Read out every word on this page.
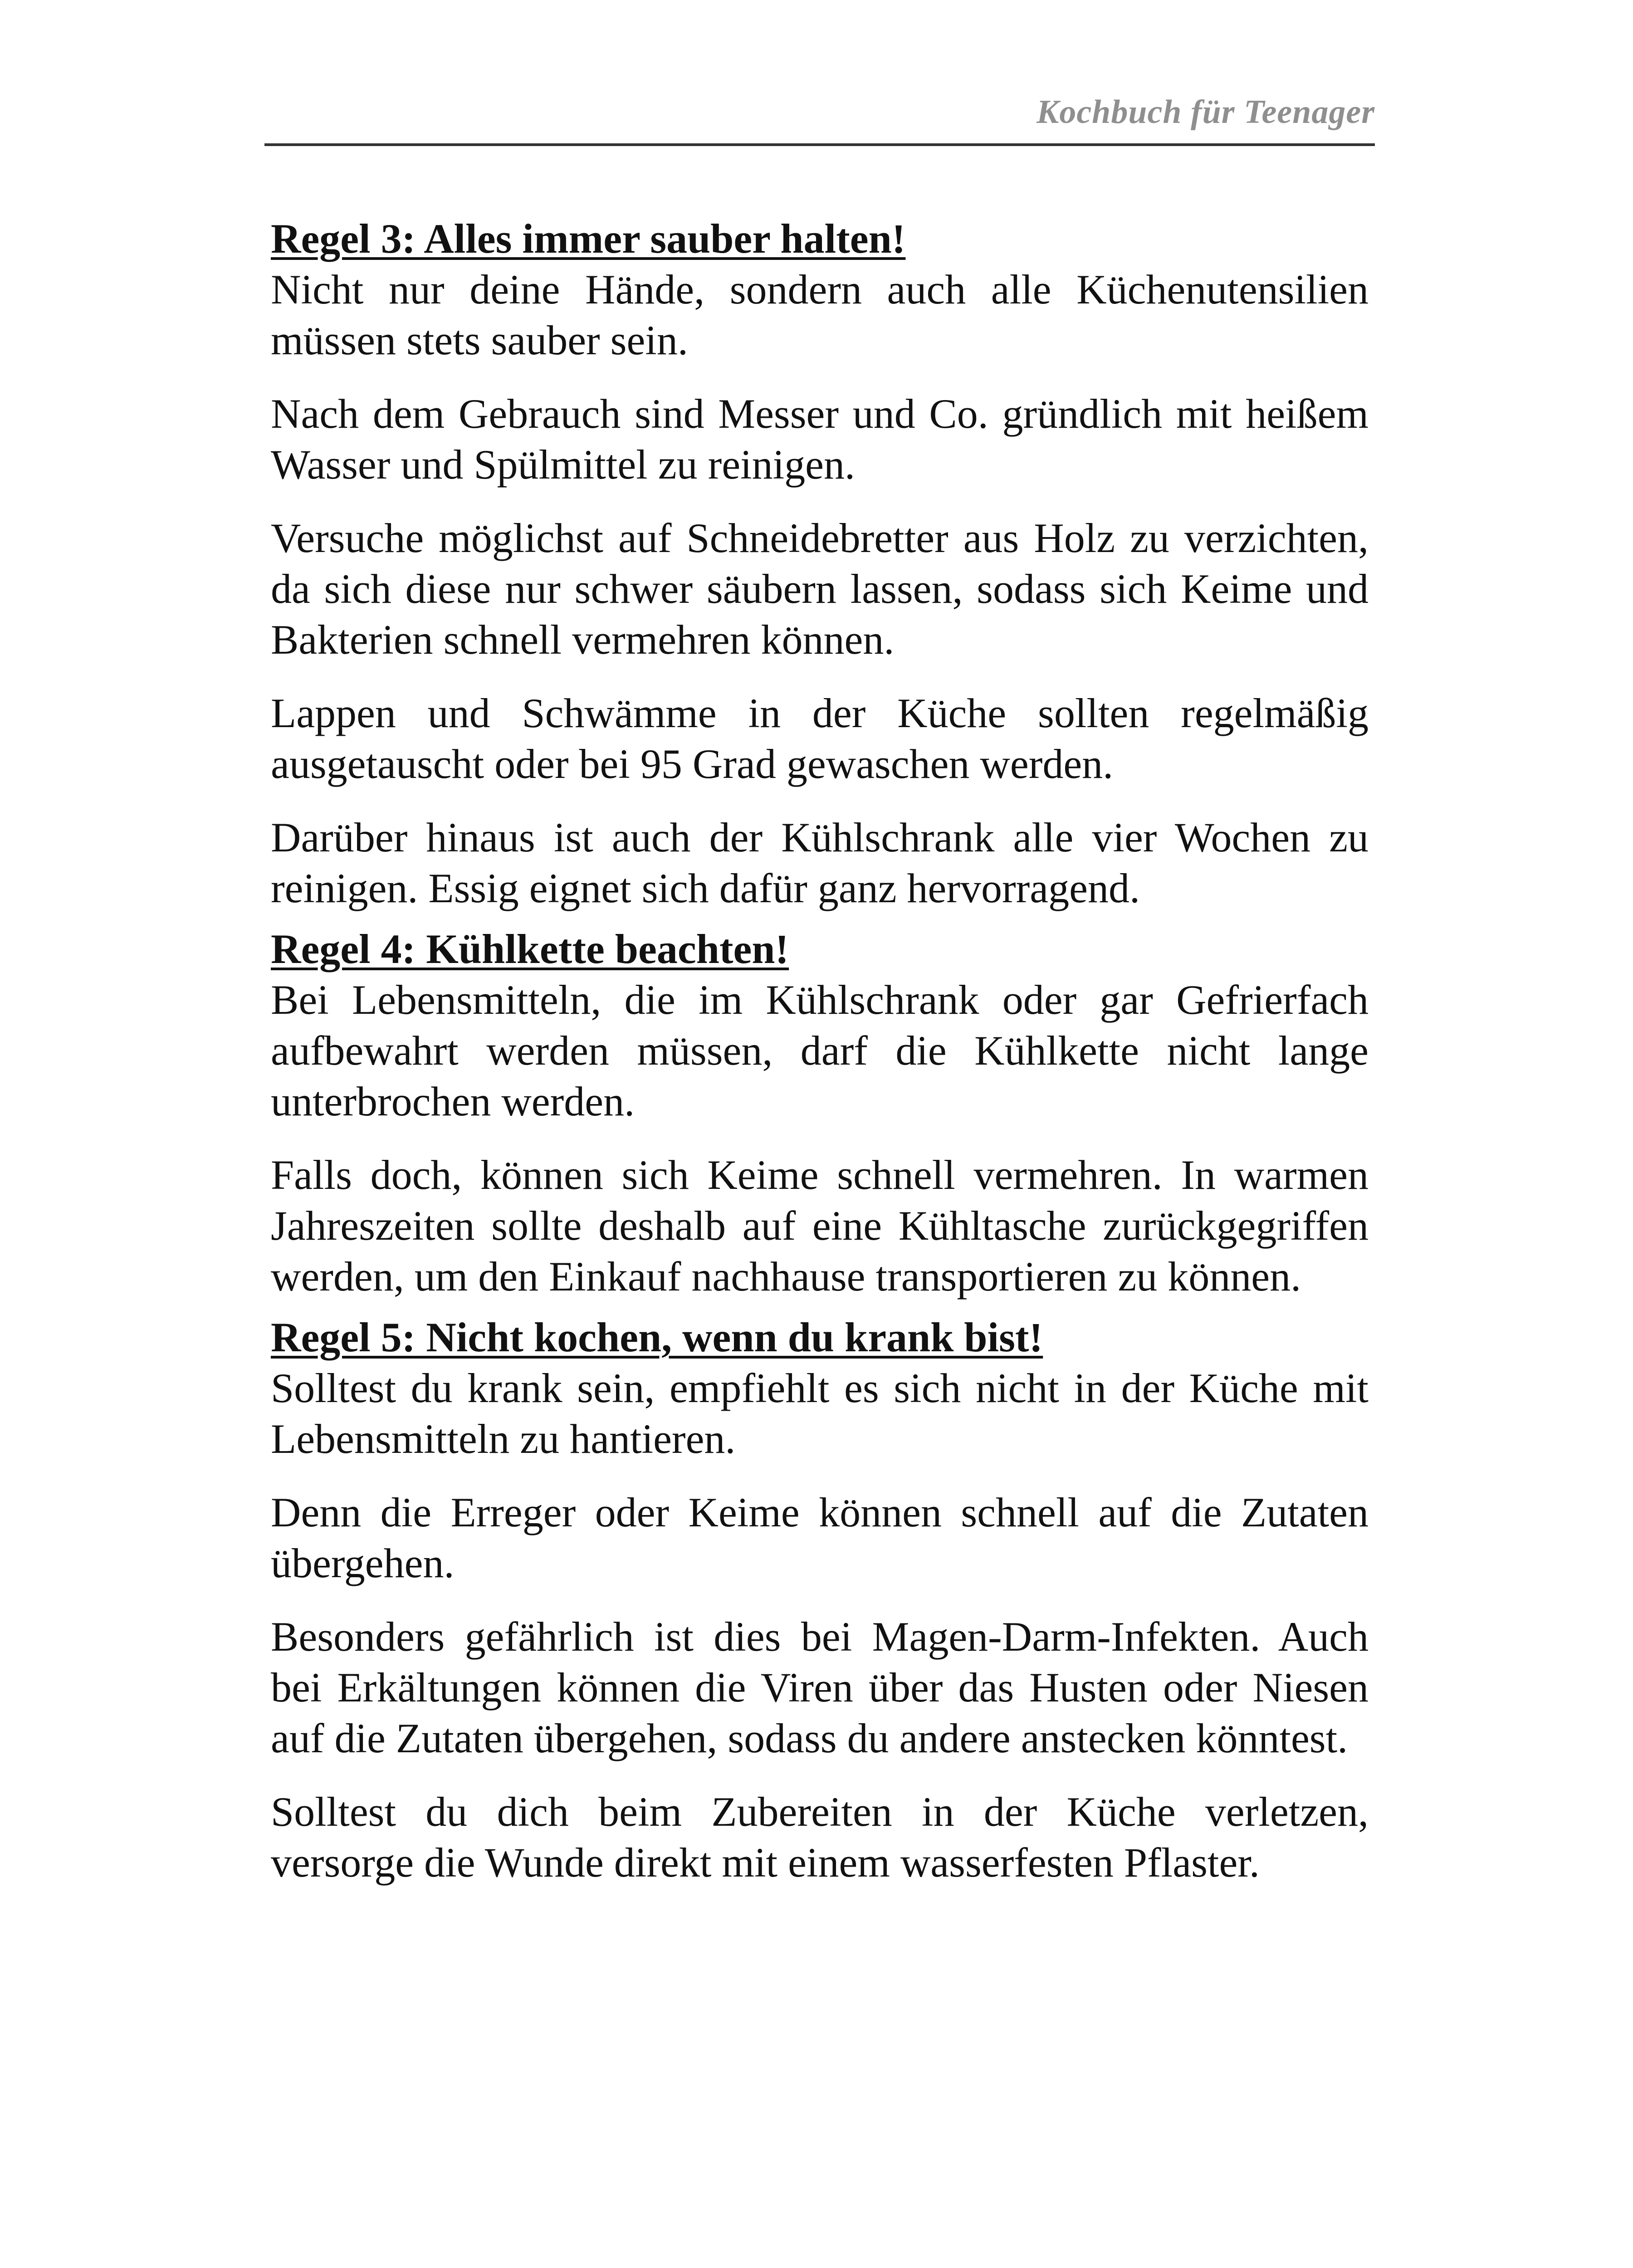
Kochbuch für Teenager

Regel 3: Alles immer sauber halten!

Nicht nur deine Hände, sondern auch alle Küchenutensilien müssen stets sauber sein.

Nach dem Gebrauch sind Messer und Co. gründlich mit heißem Wasser und Spülmittel zu reinigen.

Versuche möglichst auf Schneidebretter aus Holz zu verzichten, da sich diese nur schwer säubern lassen, sodass sich Keime und Bakterien schnell vermehren können.

Lappen und Schwämme in der Küche sollten regelmäßig ausgetauscht oder bei 95 Grad gewaschen werden.

Darüber hinaus ist auch der Kühlschrank alle vier Wochen zu reinigen. Essig eignet sich dafür ganz hervorragend.

Regel 4: Kühlkette beachten!

Bei Lebensmitteln, die im Kühlschrank oder gar Gefrierfach aufbewahrt werden müssen, darf die Kühlkette nicht lange unterbrochen werden.

Falls doch, können sich Keime schnell vermehren. In warmen Jahreszeiten sollte deshalb auf eine Kühltasche zurückgegriffen werden, um den Einkauf nachhause transportieren zu können.

Regel 5: Nicht kochen, wenn du krank bist!

Solltest du krank sein, empfiehlt es sich nicht in der Küche mit Lebensmitteln zu hantieren.

Denn die Erreger oder Keime können schnell auf die Zutaten übergehen.

Besonders gefährlich ist dies bei Magen-Darm-Infekten. Auch bei Erkältungen können die Viren über das Husten oder Niesen auf die Zutaten übergehen, sodass du andere anstecken könntest.

Solltest du dich beim Zubereiten in der Küche verletzen, versorge die Wunde direkt mit einem wasserfesten Pflaster.
